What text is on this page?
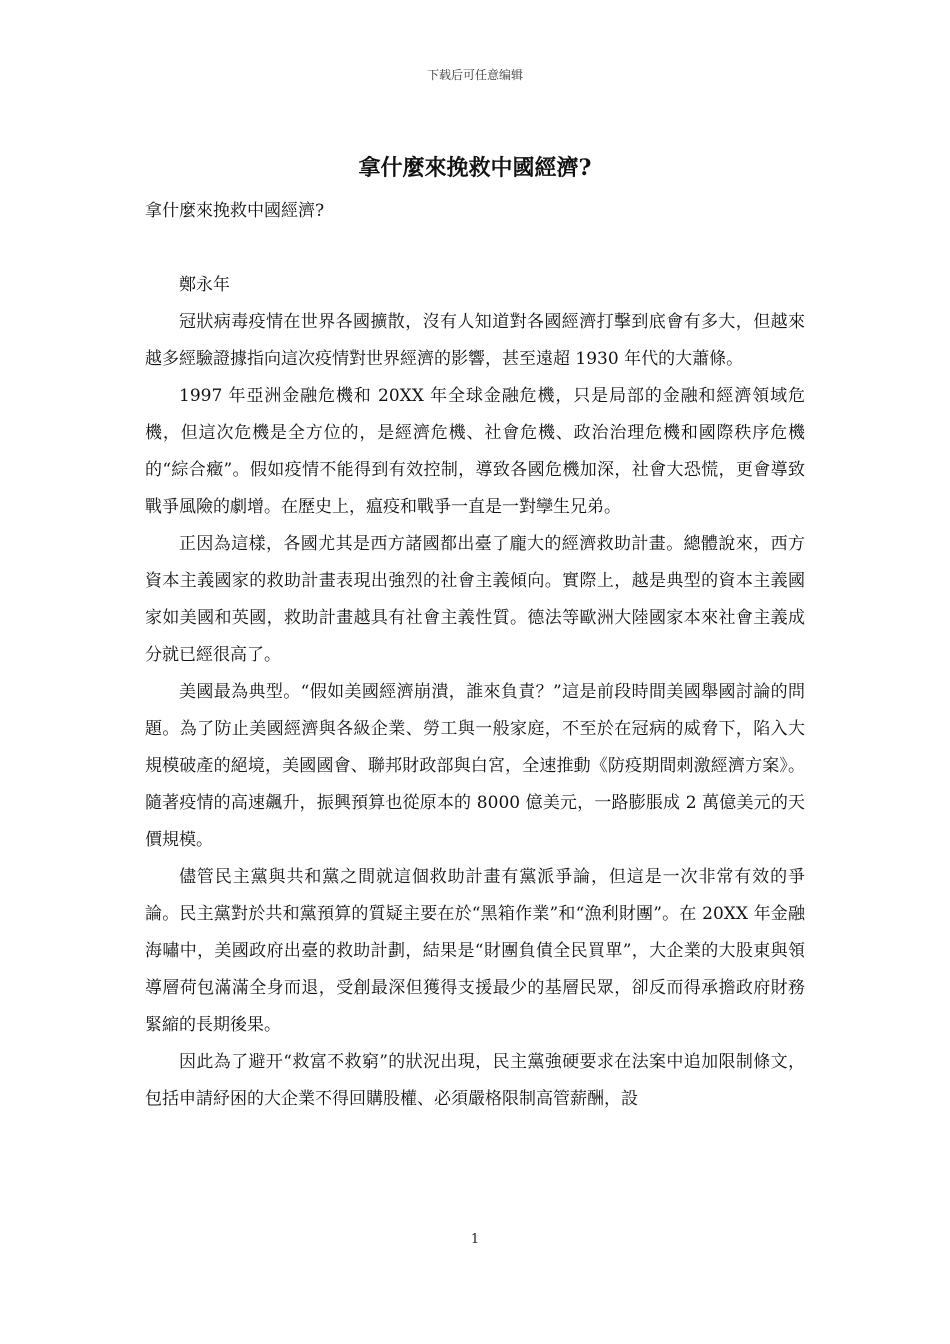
下载后可任意编辑
拿什麼來挽救中國經濟?

拿什麼來挽救中國經濟?

鄭永年

冠狀病毒疫情在世界各國擴散，沒有人知道對各國經濟打擊到底會有多大，但越來越多經驗證據指向這次疫情對世界經濟的影響，甚至遠超 1930 年代的大蕭條。

1997 年亞洲金融危機和 20XX 年全球金融危機，只是局部的金融和經濟領域危機，但這次危機是全方位的，是經濟危機、社會危機、政治治理危機和國際秩序危機的“綜合癥”。假如疫情不能得到有效控制，導致各國危機加深，社會大恐慌，更會導致戰爭風險的劇增。在歷史上，瘟疫和戰爭一直是一對孿生兄弟。

正因為這樣，各國尤其是西方諸國都出臺了龐大的經濟救助計畫。總體說來，西方資本主義國家的救助計畫表現出強烈的社會主義傾向。實際上，越是典型的資本主義國家如美國和英國，救助計畫越具有社會主義性質。德法等歐洲大陸國家本來社會主義成分就已經很高了。

美國最為典型。“假如美國經濟崩潰，誰來負責？”這是前段時間美國舉國討論的問題。為了防止美國經濟與各級企業、勞工與一般家庭，不至於在冠病的威脅下，陷入大規模破產的絕境，美國國會、聯邦財政部與白宮，全速推動《防疫期間刺激經濟方案》。隨著疫情的高速飆升，振興預算也從原本的 8000 億美元，一路膨脹成 2 萬億美元的天價規模。

儘管民主黨與共和黨之間就這個救助計畫有黨派爭論，但這是一次非常有效的爭論。民主黨對於共和黨預算的質疑主要在於“黑箱作業”和“漁利財團”。在 20XX 年金融海嘯中，美國政府出臺的救助計劃，結果是“財團負債全民買單”，大企業的大股東與領導層荷包滿滿全身而退，受創最深但獲得支援最少的基層民眾，卻反而得承擔政府財務緊縮的長期後果。

因此為了避开“救富不救窮”的狀況出現，民主黨強硬要求在法案中追加限制條文，包括申請紓困的大企業不得回購股權、必須嚴格限制高管薪酬，設

1
